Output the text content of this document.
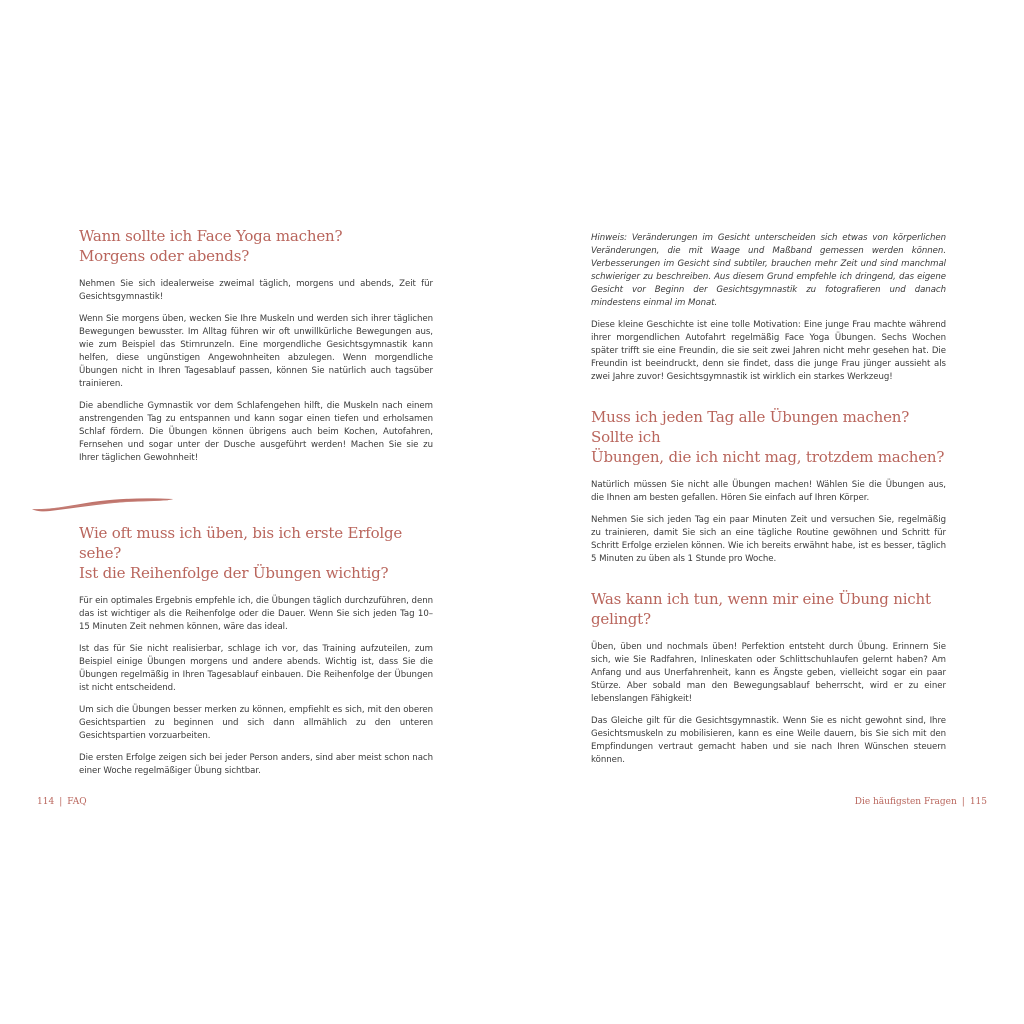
Wann sollte ich Face Yoga machen?
Morgens oder abends?

Nehmen Sie sich idealerweise zweimal täglich, morgens und abends, Zeit für Gesichtsgymnastik!

Wenn Sie morgens üben, wecken Sie Ihre Muskeln und werden sich ihrer täglichen Bewegungen bewusster. Im Alltag führen wir oft unwillkürliche Bewegungen aus, wie zum Beispiel das Stirnrunzeln. Eine morgendliche Gesichtsgymnastik kann helfen, diese ungünstigen Angewohnheiten abzulegen. Wenn morgendliche Übungen nicht in Ihren Tagesablauf passen, können Sie natürlich auch tagsüber trainieren.

Die abendliche Gymnastik vor dem Schlafengehen hilft, die Muskeln nach einem anstrengenden Tag zu entspannen und kann sogar einen tiefen und erholsamen Schlaf fördern. Die Übungen können übrigens auch beim Kochen, Autofahren, Fernsehen und sogar unter der Dusche ausgeführt werden! Machen Sie sie zu Ihrer täglichen Gewohnheit!

Wie oft muss ich üben, bis ich erste Erfolge sehe?
Ist die Reihenfolge der Übungen wichtig?

Für ein optimales Ergebnis empfehle ich, die Übungen täglich durchzuführen, denn das ist wichtiger als die Reihenfolge oder die Dauer. Wenn Sie sich jeden Tag 10–15 Minuten Zeit nehmen können, wäre das ideal.

Ist das für Sie nicht realisierbar, schlage ich vor, das Training aufzuteilen, zum Beispiel einige Übungen morgens und andere abends. Wichtig ist, dass Sie die Übungen regelmäßig in Ihren Tagesablauf einbauen. Die Reihenfolge der Übungen ist nicht entscheidend.

Um sich die Übungen besser merken zu können, empfiehlt es sich, mit den oberen Gesichtspartien zu beginnen und sich dann allmählich zu den unteren Gesichtspartien vorzuarbeiten.

Die ersten Erfolge zeigen sich bei jeder Person anders, sind aber meist schon nach einer Woche regelmäßiger Übung sichtbar.

114 | FAQ

Hinweis: Veränderungen im Gesicht unterscheiden sich etwas von körperlichen Veränderungen, die mit Waage und Maßband gemessen werden können. Verbesserungen im Gesicht sind subtiler, brauchen mehr Zeit und sind manchmal schwieriger zu beschreiben. Aus diesem Grund empfehle ich dringend, das eigene Gesicht vor Beginn der Gesichtsgymnastik zu fotografieren und danach mindestens einmal im Monat.

Diese kleine Geschichte ist eine tolle Motivation: Eine junge Frau machte während ihrer morgendlichen Autofahrt regelmäßig Face Yoga Übungen. Sechs Wochen später trifft sie eine Freundin, die sie seit zwei Jahren nicht mehr gesehen hat. Die Freundin ist beeindruckt, denn sie findet, dass die junge Frau jünger aussieht als zwei Jahre zuvor! Gesichtsgymnastik ist wirklich ein starkes Werkzeug!

Muss ich jeden Tag alle Übungen machen? Sollte ich
Übungen, die ich nicht mag, trotzdem machen?

Natürlich müssen Sie nicht alle Übungen machen! Wählen Sie die Übungen aus, die Ihnen am besten gefallen. Hören Sie einfach auf Ihren Körper.

Nehmen Sie sich jeden Tag ein paar Minuten Zeit und versuchen Sie, regelmäßig zu trainieren, damit Sie sich an eine tägliche Routine gewöhnen und Schritt für Schritt Erfolge erzielen können. Wie ich bereits erwähnt habe, ist es besser, täglich 5 Minuten zu üben als 1 Stunde pro Woche.

Was kann ich tun, wenn mir eine Übung nicht gelingt?

Üben, üben und nochmals üben! Perfektion entsteht durch Übung. Erinnern Sie sich, wie Sie Radfahren, Inlineskaten oder Schlittschuhlaufen gelernt haben? Am Anfang und aus Unerfahrenheit, kann es Ängste geben, vielleicht sogar ein paar Stürze. Aber sobald man den Bewegungsablauf beherrscht, wird er zu einer lebenslangen Fähigkeit!

Das Gleiche gilt für die Gesichtsgymnastik. Wenn Sie es nicht gewohnt sind, Ihre Gesichtsmuskeln zu mobilisieren, kann es eine Weile dauern, bis Sie sich mit den Empfindungen vertraut gemacht haben und sie nach Ihren Wünschen steuern können.

Die häufigsten Fragen | 115
